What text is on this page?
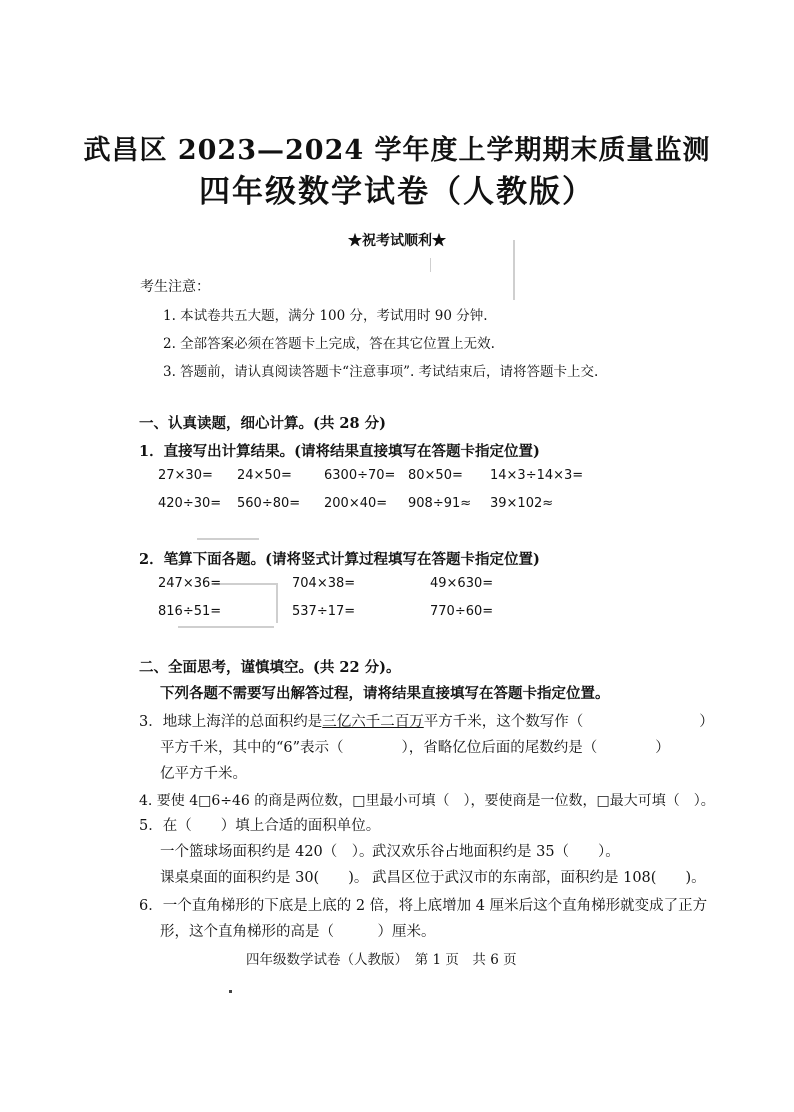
武昌区 2023—2024 学年度上学期期末质量监测
四年级数学试卷（人教版）
★祝考试顺利★
考生注意：
1. 本试卷共五大题，满分 100 分，考试用时 90 分钟.
2. 全部答案必须在答题卡上完成，答在其它位置上无效.
3. 答题前，请认真阅读答题卡“注意事项”. 考试结束后，请将答题卡上交.
一、认真读题，细心计算。(共 28 分)
1．直接写出计算结果。(请将结果直接填写在答题卡指定位置)
27×30= 24×50= 6300÷70= 80×50= 14×3÷14×3=
420÷30= 560÷80= 200×40= 908÷91≈ 39×102≈
2．笔算下面各题。(请将竖式计算过程填写在答题卡指定位置)
247×36=	704×38=	49×630=
816÷51=	537÷17=	770÷60=
二、全面思考，谨慎填空。(共 22 分)。
下列各题不需要写出解答过程，请将结果直接填写在答题卡指定位置。
3．地球上海洋的总面积约是三亿六千二百万平方千米，这个数写作（　　　　　　　　）
平方千米，其中的“6”表示（　　　　），省略亿位后面的尾数约是（　　　　）
亿平方千米。
4. 要使 4□6÷46 的商是两位数，□里最小可填（　），要使商是一位数，□最大可填（　）。
5．在（　　）填上合适的面积单位。
一个篮球场面积约是 420（　）。
武汉欢乐谷占地面积约是 35（　　）。
课桌桌面的面积约是 30(　　)。 武昌区位于武汉市的东南部，面积约是 108(　　)。
6．一个直角梯形的下底是上底的 2 倍，将上底增加 4 厘米后这个直角梯形就变成了正方
形，这个直角梯形的高是（　　　）厘米。
四年级数学试卷（人教版）　第 1 页　共 6 页
